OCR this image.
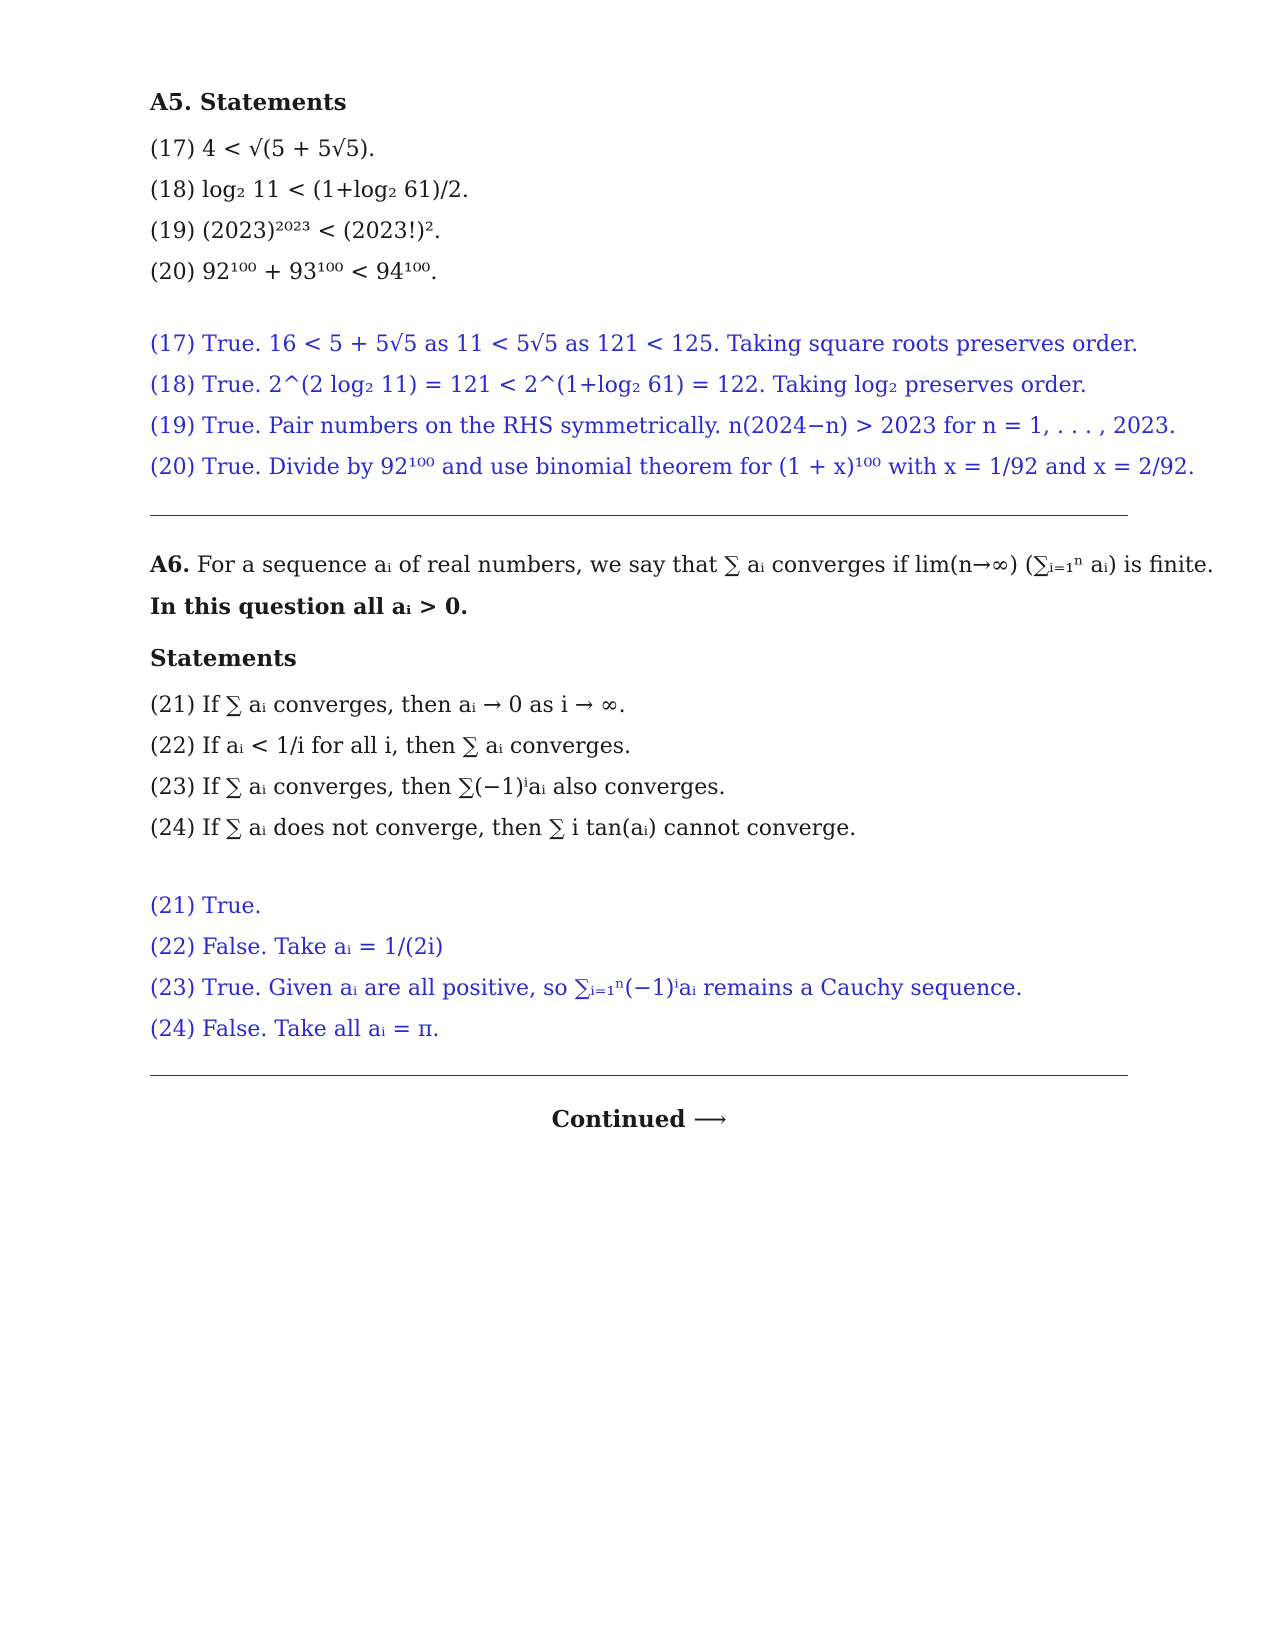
A5. Statements
(17) 4 < √(5 + 5√5).
(18) log₂ 11 < (1+log₂ 61)/2.
(19) (2023)²⁰²³ < (2023!)².
(20) 92¹⁰⁰ + 93¹⁰⁰ < 94¹⁰⁰.
(17) True. 16 < 5 + 5√5 as 11 < 5√5 as 121 < 125. Taking square roots preserves order.
(18) True. 2^(2 log₂ 11) = 121 < 2^(1+log₂ 61) = 122. Taking log₂ preserves order.
(19) True. Pair numbers on the RHS symmetrically. n(2024−n) > 2023 for n = 1, . . . , 2023.
(20) True. Divide by 92¹⁰⁰ and use binomial theorem for (1 + x)¹⁰⁰ with x = 1/92 and x = 2/92.
A6. For a sequence aᵢ of real numbers, we say that ∑ aᵢ converges if lim(n→∞) (∑ᵢ₌₁ⁿ aᵢ) is finite.
In this question all aᵢ > 0.
Statements
(21) If ∑ aᵢ converges, then aᵢ → 0 as i → ∞.
(22) If aᵢ < 1/i for all i, then ∑ aᵢ converges.
(23) If ∑ aᵢ converges, then ∑(−1)ⁱaᵢ also converges.
(24) If ∑ aᵢ does not converge, then ∑ i tan(aᵢ) cannot converge.
(21) True.
(22) False. Take aᵢ = 1/(2i)
(23) True. Given aᵢ are all positive, so ∑ᵢ₌₁ⁿ(−1)ⁱaᵢ remains a Cauchy sequence.
(24) False. Take all aᵢ = π.
Continued ⟶
